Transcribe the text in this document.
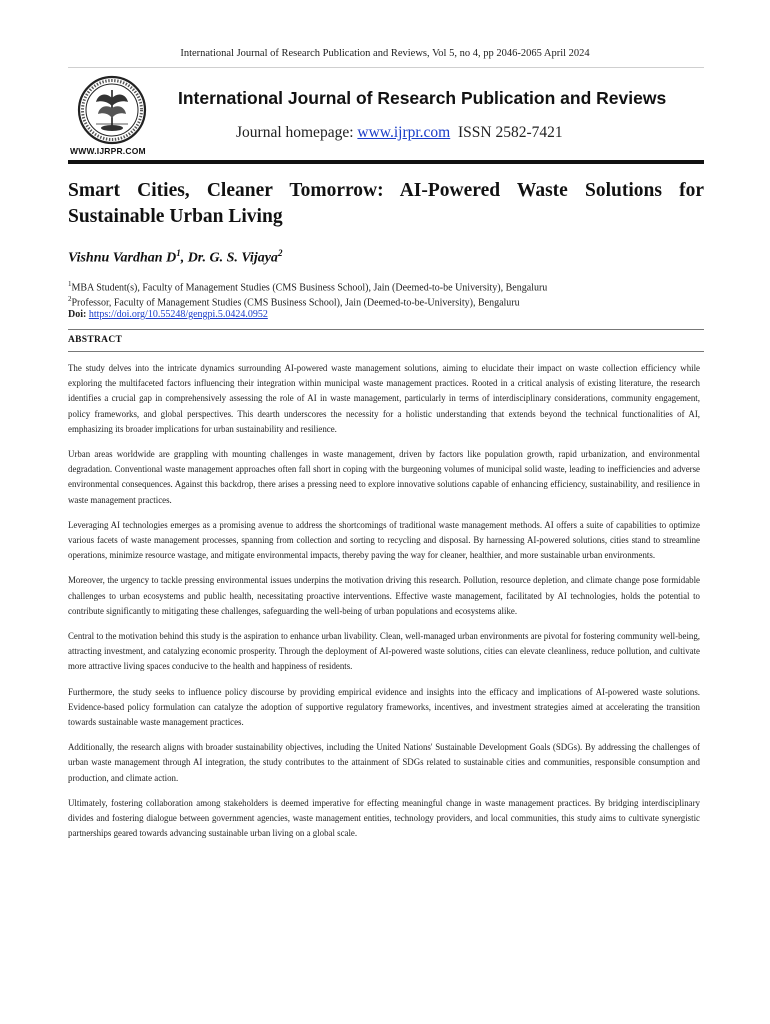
International Journal of Research Publication and Reviews, Vol 5, no 4, pp 2046-2065 April 2024
WWW.IJRPR.COM
International Journal of Research Publication and Reviews
Journal homepage: www.ijrpr.com ISSN 2582-7421
Smart Cities, Cleaner Tomorrow: AI-Powered Waste Solutions for Sustainable Urban Living
Vishnu Vardhan $D^1$, Dr. G. S. Vijaya$^2$
$^1$MBA Student(s), Faculty of Management Studies (CMS Business School), Jain (Deemed-to-be University), Bengaluru
$^2$Professor, Faculty of Management Studies (CMS Business School), Jain (Deemed-to-be-University), Bengaluru
Doi: https://doi.org/10.55248/gengpi.5.0424.0952
ABSTRACT

The study delves into the intricate dynamics surrounding AI-powered waste management solutions, aiming to elucidate their impact on waste collection efficiency while exploring the multifaceted factors influencing their integration within municipal waste management practices. Rooted in a critical analysis of existing literature, the research identifies a crucial gap in comprehensively assessing the role of AI in waste management, particularly in terms of interdisciplinary considerations, community engagement, policy frameworks, and global perspectives. This dearth underscores the necessity for a holistic understanding that extends beyond the technical functionalities of AI, emphasizing its broader implications for urban sustainability and resilience.

Urban areas worldwide are grappling with mounting challenges in waste management, driven by factors like population growth, rapid urbanization, and environmental degradation. Conventional waste management approaches often fall short in coping with the burgeoning volumes of municipal solid waste, leading to inefficiencies and adverse environmental consequences. Against this backdrop, there arises a pressing need to explore innovative solutions capable of enhancing efficiency, sustainability, and resilience in waste management practices.

Leveraging AI technologies emerges as a promising avenue to address the shortcomings of traditional waste management methods. AI offers a suite of capabilities to optimize various facets of waste management processes, spanning from collection and sorting to recycling and disposal. By harnessing AI-powered solutions, cities stand to streamline operations, minimize resource wastage, and mitigate environmental impacts, thereby paving the way for cleaner, healthier, and more sustainable urban environments.

Moreover, the urgency to tackle pressing environmental issues underpins the motivation driving this research. Pollution, resource depletion, and climate change pose formidable challenges to urban ecosystems and public health, necessitating proactive interventions. Effective waste management, facilitated by AI technologies, holds the potential to contribute significantly to mitigating these challenges, safeguarding the well-being of urban populations and ecosystems alike.

Central to the motivation behind this study is the aspiration to enhance urban livability. Clean, well-managed urban environments are pivotal for fostering community well-being, attracting investment, and catalyzing economic prosperity. Through the deployment of AI-powered waste solutions, cities can elevate cleanliness, reduce pollution, and cultivate more attractive living spaces conducive to the health and happiness of residents.

Furthermore, the study seeks to influence policy discourse by providing empirical evidence and insights into the efficacy and implications of AI-powered waste solutions. Evidence-based policy formulation can catalyze the adoption of supportive regulatory frameworks, incentives, and investment strategies aimed at accelerating the transition towards sustainable waste management practices.

Additionally, the research aligns with broader sustainability objectives, including the United Nations' Sustainable Development Goals (SDGs). By addressing the challenges of urban waste management through AI integration, the study contributes to the attainment of SDGs related to sustainable cities and communities, responsible consumption and production, and climate action.

Ultimately, fostering collaboration among stakeholders is deemed imperative for effecting meaningful change in waste management practices. By bridging interdisciplinary divides and fostering dialogue between government agencies, waste management entities, technology providers, and local communities, this study aims to cultivate synergistic partnerships geared towards advancing sustainable urban living on a global scale.
